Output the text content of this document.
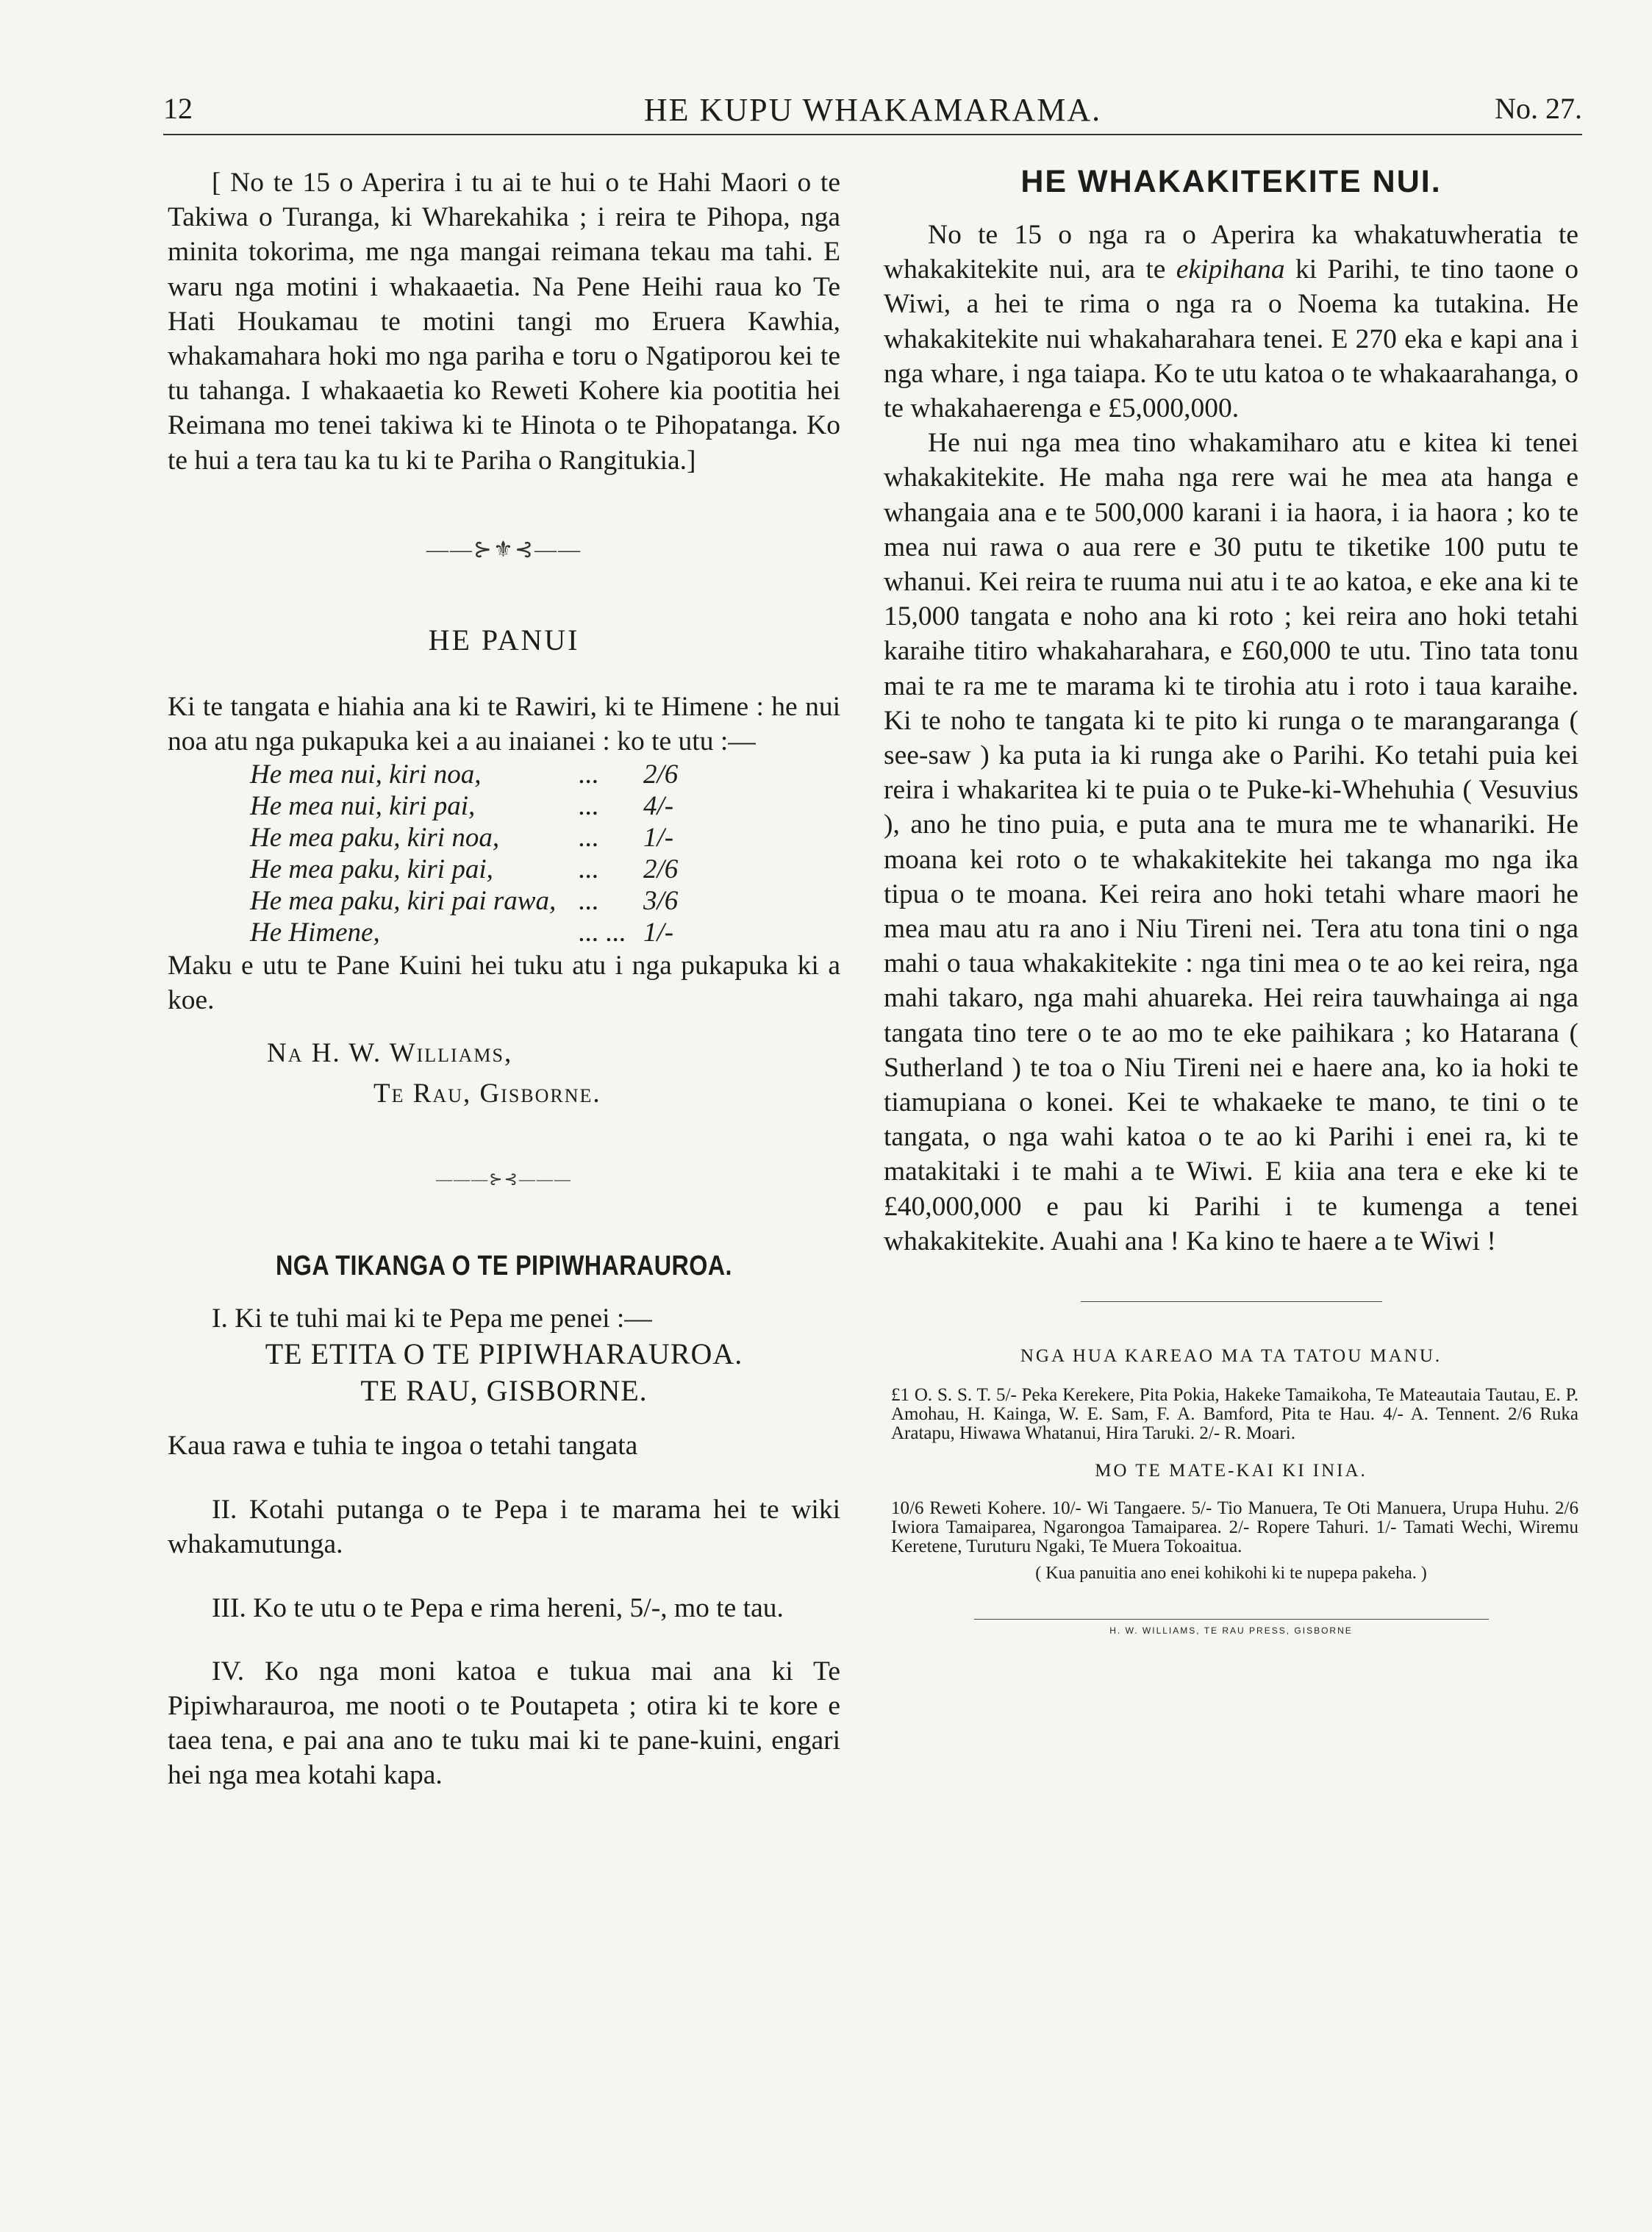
12	HE KUPU WHAKAMARAMA.	No. 27.

[ No te 15 o Aperira i tu ai te hui o te Hahi Maori o te Takiwa o Turanga, ki Wharekahika ; i reira te Pihopa, nga minita tokorima, me nga mangai reimana tekau ma tahi. E waru nga motini i whakaaetia. Na Pene Heihi raua ko Te Hati Houkamau te motini tangi mo Eruera Kawhia, whakamahara hoki mo nga pariha e toru o Ngatiporou kei te tu tahanga. I whakaaetia ko Reweti Kohere kia pootitia hei Reimana mo tenei takiwa ki te Hinota o te Pihopatanga. Ko te hui a tera tau ka tu ki te Pariha o Rangitukia.]

——⊱⚜⊰——
HE PANUI

Ki te tangata e hiahia ana ki te Rawiri, ki te Himene : he nui noa atu nga pukapuka kei a au inaianei : ko te utu :—

He mea nui, kiri noa,	...	2/6
He mea nui, kiri pai,	...	4/-
He mea paku, kiri noa,	...	1/-
He mea paku, kiri pai,	...	2/6
He mea paku, kiri pai rawa,	...	3/6
He Himene,	... ...	1/-

Maku e utu te Pane Kuini hei tuku atu i nga pukapuka ki a koe.

Na H. W. Williams,
Te Rau, Gisborne.
———⊱⊰———
NGA TIKANGA O TE PIPIWHARAUROA.

I. Ki te tuhi mai ki te Pepa me penei :—

TE ETITA O TE PIPIWHARAUROA.
TE RAU, GISBORNE.

Kaua rawa e tuhia te ingoa o tetahi tangata

II. Kotahi putanga o te Pepa i te marama hei te wiki whakamutunga.

III. Ko te utu o te Pepa e rima hereni, 5/-, mo te tau.

IV. Ko nga moni katoa e tukua mai ana ki Te Pipiwharauroa, me nooti o te Poutapeta ; otira ki te kore e taea tena, e pai ana ano te tuku mai ki te pane-kuini, engari hei nga mea kotahi kapa.

HE WHAKAKITEKITE NUI.

No te 15 o nga ra o Aperira ka whakatuwheratia te whakakitekite nui, ara te ekipihana ki Parihi, te tino taone o Wiwi, a hei te rima o nga ra o Noema ka tutakina. He whakakitekite nui whakaharahara tenei. E 270 eka e kapi ana i nga whare, i nga taiapa. Ko te utu katoa o te whakaarahanga, o te whakahaerenga e £5,000,000.

He nui nga mea tino whakamiharo atu e kitea ki tenei whakakitekite. He maha nga rere wai he mea ata hanga e whangaia ana e te 500,000 karani i ia haora, i ia haora ; ko te mea nui rawa o aua rere e 30 putu te tiketike 100 putu te whanui. Kei reira te ruuma nui atu i te ao katoa, e eke ana ki te 15,000 tangata e noho ana ki roto ; kei reira ano hoki tetahi karaihe titiro whakaharahara, e £60,000 te utu. Tino tata tonu mai te ra me te marama ki te tirohia atu i roto i taua karaihe. Ki te noho te tangata ki te pito ki runga o te marangaranga ( see-saw ) ka puta ia ki runga ake o Parihi. Ko tetahi puia kei reira i whakaritea ki te puia o te Puke-ki-Whehuhia ( Vesuvius ), ano he tino puia, e puta ana te mura me te whanariki. He moana kei roto o te whakakitekite hei takanga mo nga ika tipua o te moana. Kei reira ano hoki tetahi whare maori he mea mau atu ra ano i Niu Tireni nei. Tera atu tona tini o nga mahi o taua whakakitekite : nga tini mea o te ao kei reira, nga mahi takaro, nga mahi ahuareka. Hei reira tauwhainga ai nga tangata tino tere o te ao mo te eke paihikara ; ko Hatarana ( Sutherland ) te toa o Niu Tireni nei e haere ana, ko ia hoki te tiamupiana o konei. Kei te whakaeke te mano, te tini o te tangata, o nga wahi katoa o te ao ki Parihi i enei ra, ki te matakitaki i te mahi a te Wiwi. E kiia ana tera e eke ki te £40,000,000 e pau ki Parihi i te kumenga a tenei whakakitekite. Auahi ana ! Ka kino te haere a te Wiwi !

NGA HUA KAREAO MA TA TATOU MANU.

£1 O. S. S. T. 5/- Peka Kerekere, Pita Pokia, Hakeke Tamaikoha, Te Mateautaia Tautau, E. P. Amohau, H. Kainga, W. E. Sam, F. A. Bamford, Pita te Hau. 4/- A. Tennent. 2/6 Ruka Aratapu, Hiwawa Whatanui, Hira Taruki. 2/- R. Moari.

MO TE MATE-KAI KI INIA.

10/6 Reweti Kohere. 10/- Wi Tangaere. 5/- Tio Manuera, Te Oti Manuera, Urupa Huhu. 2/6 Iwiora Tamaiparea, Ngarongoa Tamaiparea. 2/- Ropere Tahuri. 1/- Tamati Wechi, Wiremu Keretene, Turuturu Ngaki, Te Muera Tokoaitua.

( Kua panuitia ano enei kohikohi ki te nupepa pakeha. )
H. W. WILLIAMS, TE RAU PRESS, GISBORNE
